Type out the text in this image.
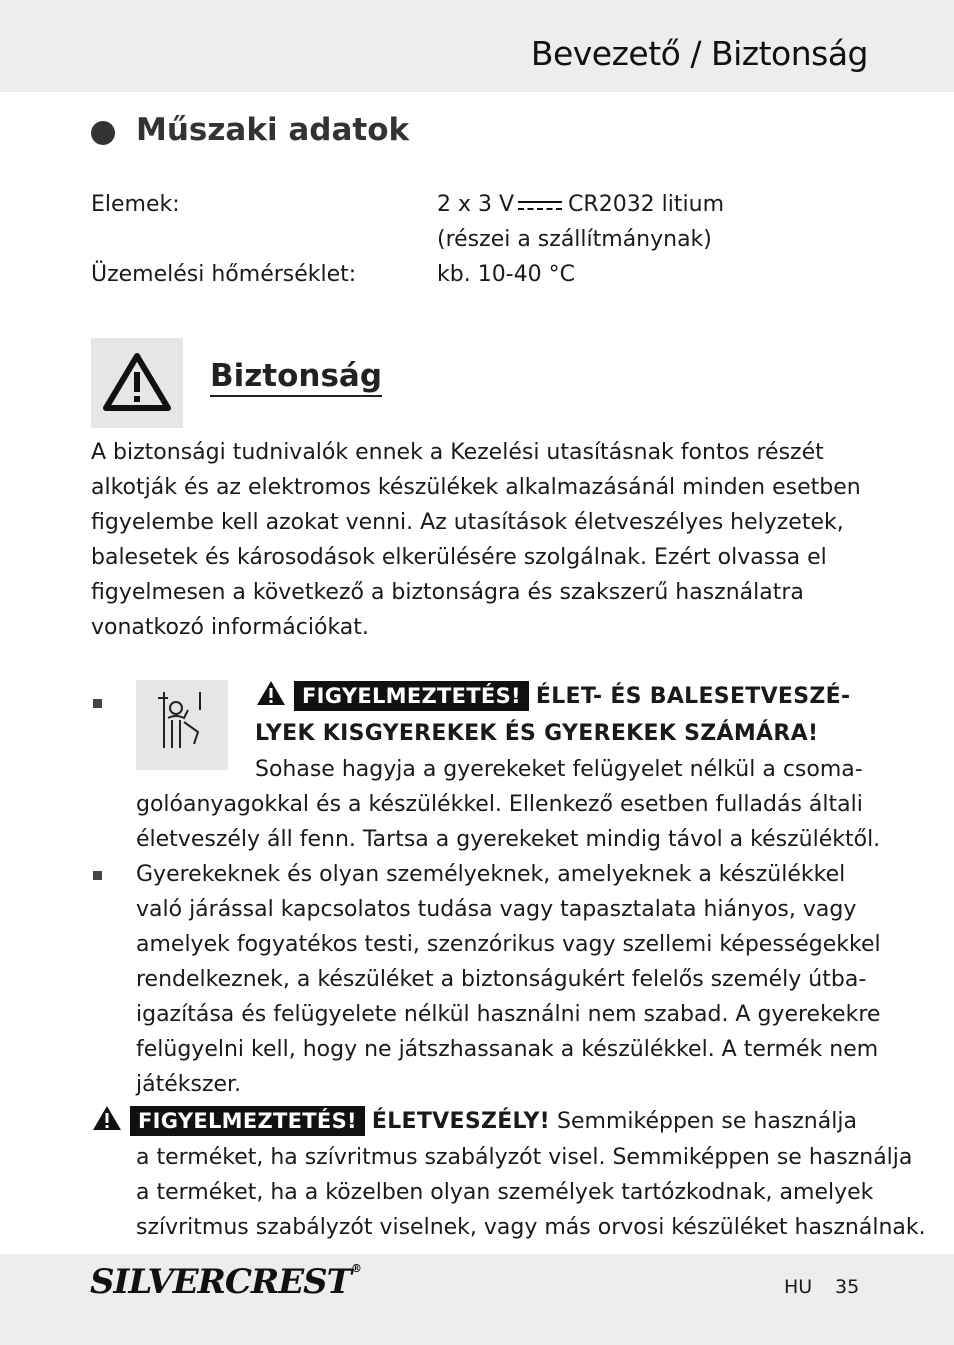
Bevezető / Biztonság
Műszaki adatok
Elemek:	2 x 3 V CR2032 litium
(részei a szállítmánynak)
Üzemelési hőmérséklet:	kb. 10-40 °C
Biztonság
A biztonsági tudnivalók ennek a Kezelési utasításnak fontos részét
alkotják és az elektromos készülékek alkalmazásánál minden esetben
figyelembe kell azokat venni. Az utasítások életveszélyes helyzetek,
balesetek és károsodások elkerülésére szolgálnak. Ezért olvassa el
figyelmesen a következő a biztonságra és szakszerű használatra
vonatkozó információkat.
FIGYELMEZTETÉS! ÉLET- ÉS BALESETVESZÉ-
LYEK KISGYEREKEK ÉS GYEREKEK SZÁMÁRA!
Sohase hagyja a gyerekeket felügyelet nélkül a csoma-
golóanyagokkal és a készülékkel. Ellenkező esetben fulladás általi
életveszély áll fenn. Tartsa a gyerekeket mindig távol a készüléktől.
Gyerekeknek és olyan személyeknek, amelyeknek a készülékkel
való járással kapcsolatos tudása vagy tapasztalata hiányos, vagy
amelyek fogyatékos testi, szenzórikus vagy szellemi képességekkel
rendelkeznek, a készüléket a biztonságukért felelős személy útba-
igazítása és felügyelete nélkül használni nem szabad. A gyerekekre
felügyelni kell, hogy ne játszhassanak a készülékkel. A termék nem
játékszer.
FIGYELMEZTETÉS! ÉLETVESZÉLY! Semmiképpen se használja
a terméket, ha szívritmus szabályzót visel. Semmiképpen se használja
a terméket, ha a közelben olyan személyek tartózkodnak, amelyek
szívritmus szabályzót viselnek, vagy más orvosi készüléket használnak.
SILVERCREST®
HU 35
